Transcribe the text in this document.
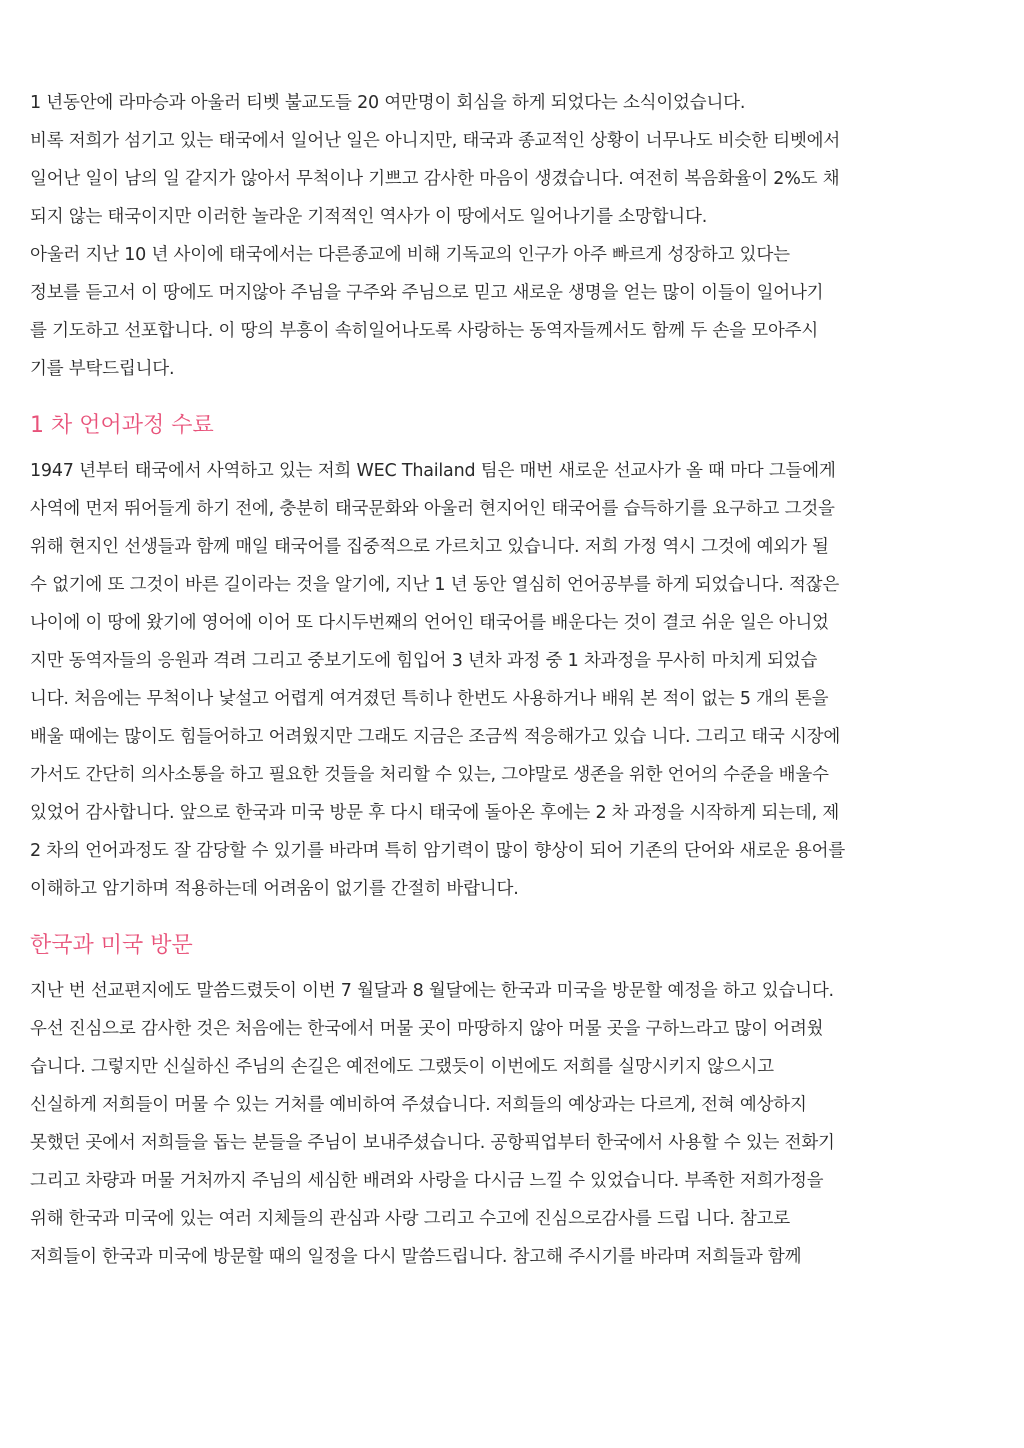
1 년동안에 라마승과 아울러 티벳 불교도들 20 여만명이 회심을 하게 되었다는 소식이었습니다.
비록 저희가 섬기고 있는 태국에서 일어난 일은 아니지만, 태국과 종교적인 상황이 너무나도 비슷한 티벳에서
일어난 일이 남의 일 같지가 않아서 무척이나 기쁘고 감사한 마음이 생겼습니다. 여전히 복음화율이 2%도 채
되지 않는 태국이지만 이러한 놀라운 기적적인 역사가 이 땅에서도 일어나기를 소망합니다.
아울러 지난 10 년 사이에 태국에서는 다른종교에 비해 기독교의 인구가 아주 빠르게 성장하고 있다는
정보를 듣고서 이 땅에도 머지않아 주님을 구주와 주님으로 믿고 새로운 생명을 얻는 많이 이들이 일어나기
를 기도하고 선포합니다. 이 땅의 부흥이 속히일어나도록 사랑하는 동역자들께서도 함께 두 손을 모아주시
기를 부탁드립니다.
1 차 언어과정 수료
1947 년부터 태국에서 사역하고 있는 저희 WEC Thailand 팀은 매번 새로운 선교사가 올 때 마다 그들에게
사역에 먼저 뛰어들게 하기 전에, 충분히 태국문화와 아울러 현지어인 태국어를 습득하기를 요구하고 그것을
위해 현지인 선생들과 함께 매일 태국어를 집중적으로 가르치고 있습니다. 저희 가정 역시 그것에 예외가 될
수 없기에 또 그것이 바른 길이라는 것을 알기에, 지난 1 년 동안 열심히 언어공부를 하게 되었습니다. 적잖은
나이에 이 땅에 왔기에 영어에 이어 또 다시두번째의 언어인 태국어를 배운다는 것이 결코 쉬운 일은 아니었
지만 동역자들의 응원과 격려 그리고 중보기도에 힘입어 3 년차 과정 중 1 차과정을 무사히 마치게 되었습
니다. 처음에는 무척이나 낯설고 어렵게 여겨졌던 특히나 한번도 사용하거나 배워 본 적이 없는 5 개의 톤을
배울 때에는 많이도 힘들어하고 어려웠지만 그래도 지금은 조금씩 적응해가고 있습 니다. 그리고 태국 시장에
가서도 간단히 의사소통을 하고 필요한 것들을 처리할 수 있는, 그야말로 생존을 위한 언어의 수준을 배울수
있었어 감사합니다. 앞으로 한국과 미국 방문 후 다시 태국에 돌아온 후에는 2 차 과정을 시작하게 되는데, 제
2 차의 언어과정도 잘 감당할 수 있기를 바라며 특히 암기력이 많이 향상이 되어 기존의 단어와 새로운 용어를
이해하고 암기하며 적용하는데 어려움이 없기를 간절히 바랍니다.
한국과 미국 방문
지난 번 선교편지에도 말씀드렸듯이 이번 7 월달과 8 월달에는 한국과 미국을 방문할 예정을 하고 있습니다.
우선 진심으로 감사한 것은 처음에는 한국에서 머물 곳이 마땅하지 않아 머물 곳을 구하느라고 많이 어려웠
습니다. 그렇지만 신실하신 주님의 손길은 예전에도 그랬듯이 이번에도 저희를 실망시키지 않으시고
신실하게 저희들이 머물 수 있는 거처를 예비하여 주셨습니다. 저희들의 예상과는 다르게, 전혀 예상하지
못했던 곳에서 저희들을 돕는 분들을 주님이 보내주셨습니다. 공항픽업부터 한국에서 사용할 수 있는 전화기
그리고 차량과 머물 거처까지 주님의 세심한 배려와 사랑을 다시금 느낄 수 있었습니다. 부족한 저희가정을
위해 한국과 미국에 있는 여러 지체들의 관심과 사랑 그리고 수고에 진심으로감사를 드립 니다. 참고로
저희들이 한국과 미국에 방문할 때의 일정을 다시 말씀드립니다. 참고해 주시기를 바라며 저희들과 함께
